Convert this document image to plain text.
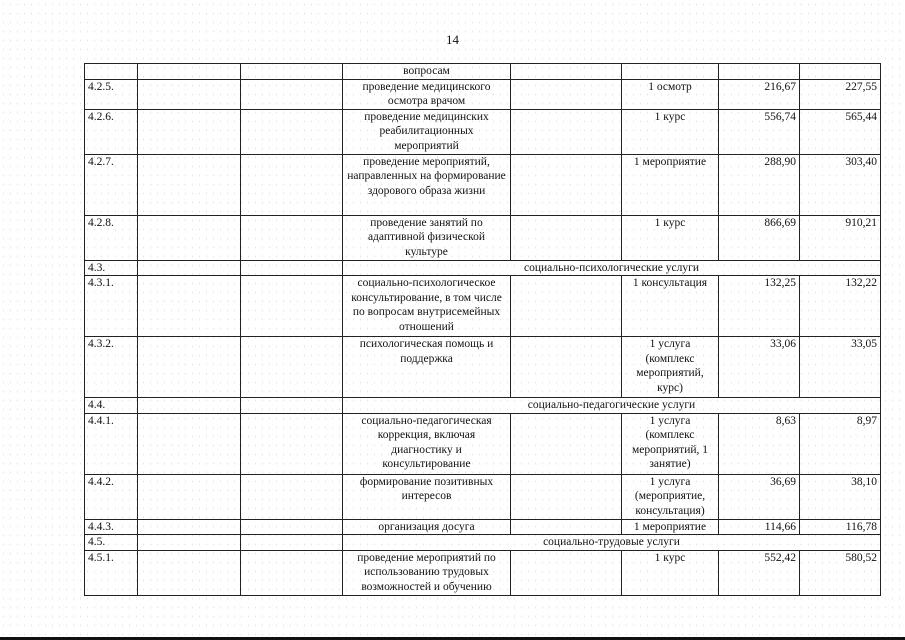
14
			вопросам				
4.2.5.			проведение медицинского осмотра врачом		1 осмотр	216,67	227,55
4.2.6.			проведение медицинских реабилитационных мероприятий		1 курс	556,74	565,44
4.2.7.			проведение мероприятий, направленных на формирование здорового образа жизни		1 мероприятие	288,90	303,40
4.2.8.			проведение занятий по адаптивной физической культуре		1 курс	866,69	910,21
4.3.			социально-психологические услуги				
4.3.1.			социально-психологическое консультирование, в том числе по вопросам внутрисемейных отношений		1 консультация	132,25	132,22
4.3.2.			психологическая помощь и поддержка		1 услуга (комплекс мероприятий, курс)	33,06	33,05
4.4.			социально-педагогические услуги				
4.4.1.			социально-педагогическая коррекция, включая диагностику и консультирование		1 услуга (комплекс мероприятий, 1 занятие)	8,63	8,97
4.4.2.			формирование позитивных интересов		1 услуга (мероприятие, консультация)	36,69	38,10
4.4.3.			организация досуга		1 мероприятие	114,66	116,78
4.5.			социально-трудовые услуги				
4.5.1.			проведение мероприятий по использованию трудовых возможностей и обучению		1 курс	552,42	580,52
